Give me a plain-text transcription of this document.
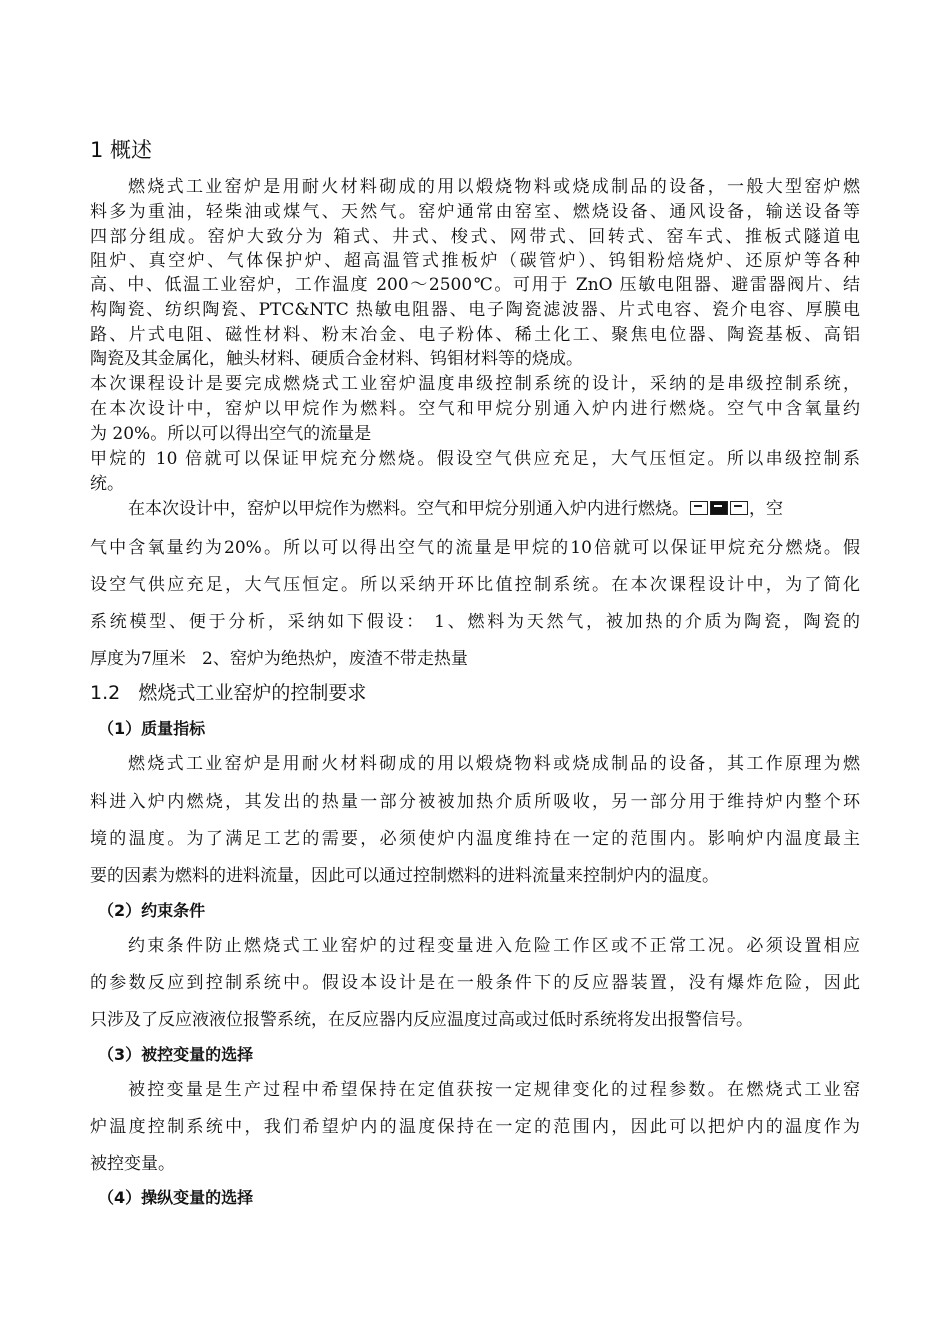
1 概述
燃烧式工业窑炉是用耐火材料砌成的用以煅烧物料或烧成制品的设备，一般大型窑炉燃
料多为重油，轻柴油或煤气、天然气。窑炉通常由窑室、燃烧设备、通风设备，输送设备等
四部分组成。窑炉大致分为 箱式、井式、梭式、网带式、回转式、窑车式、推板式隧道电
阻炉、真空炉、气体保护炉、超高温管式推板炉（碳管炉）、钨钼粉焙烧炉、还原炉等各种
高、中、低温工业窑炉，工作温度 200～2500℃。可用于 ZnO 压敏电阻器、避雷器阀片、结
构陶瓷、纺织陶瓷、PTC&NTC 热敏电阻器、电子陶瓷滤波器、片式电容、瓷介电容、厚膜电
路、片式电阻、磁性材料、粉末冶金、电子粉体、稀土化工、聚焦电位器、陶瓷基板、高铝
陶瓷及其金属化，触头材料、硬质合金材料、钨钼材料等的烧成。
本次课程设计是要完成燃烧式工业窑炉温度串级控制系统的设计，采纳的是串级控制系统，
在本次设计中，窑炉以甲烷作为燃料。空气和甲烷分别通入炉内进行燃烧。空气中含氧量约
为 20%。所以可以得出空气的流量是
甲烷的 10 倍就可以保证甲烷充分燃烧。假设空气供应充足，大气压恒定。所以串级控制系
统。
在本次设计中，窑炉以甲烷作为燃料。空气和甲烷分别通入炉内进行燃烧。	，空
气中含氧量约为20%。所以可以得出空气的流量是甲烷的10倍就可以保证甲烷充分燃烧。假
设空气供应充足，大气压恒定。所以采纳开环比值控制系统。在本次课程设计中，为了简化
系统模型、便于分析，采纳如下假设： 1、燃料为天然气，被加热的介质为陶瓷，陶瓷的
厚度为7厘米   2、窑炉为绝热炉，废渣不带走热量
1.2   燃烧式工业窑炉的控制要求
（1）质量指标
燃烧式工业窑炉是用耐火材料砌成的用以煅烧物料或烧成制品的设备，其工作原理为燃
料进入炉内燃烧，其发出的热量一部分被被加热介质所吸收，另一部分用于维持炉内整个环
境的温度。为了满足工艺的需要，必须使炉内温度维持在一定的范围内。影响炉内温度最主
要的因素为燃料的进料流量，因此可以通过控制燃料的进料流量来控制炉内的温度。
（2）约束条件
约束条件防止燃烧式工业窑炉的过程变量进入危险工作区或不正常工况。必须设置相应
的参数反应到控制系统中。假设本设计是在一般条件下的反应器装置，没有爆炸危险，因此
只涉及了反应液液位报警系统，在反应器内反应温度过高或过低时系统将发出报警信号。
（3）被控变量的选择
被控变量是生产过程中希望保持在定值获按一定规律变化的过程参数。在燃烧式工业窑
炉温度控制系统中，我们希望炉内的温度保持在一定的范围内，因此可以把炉内的温度作为
被控变量。
（4）操纵变量的选择
